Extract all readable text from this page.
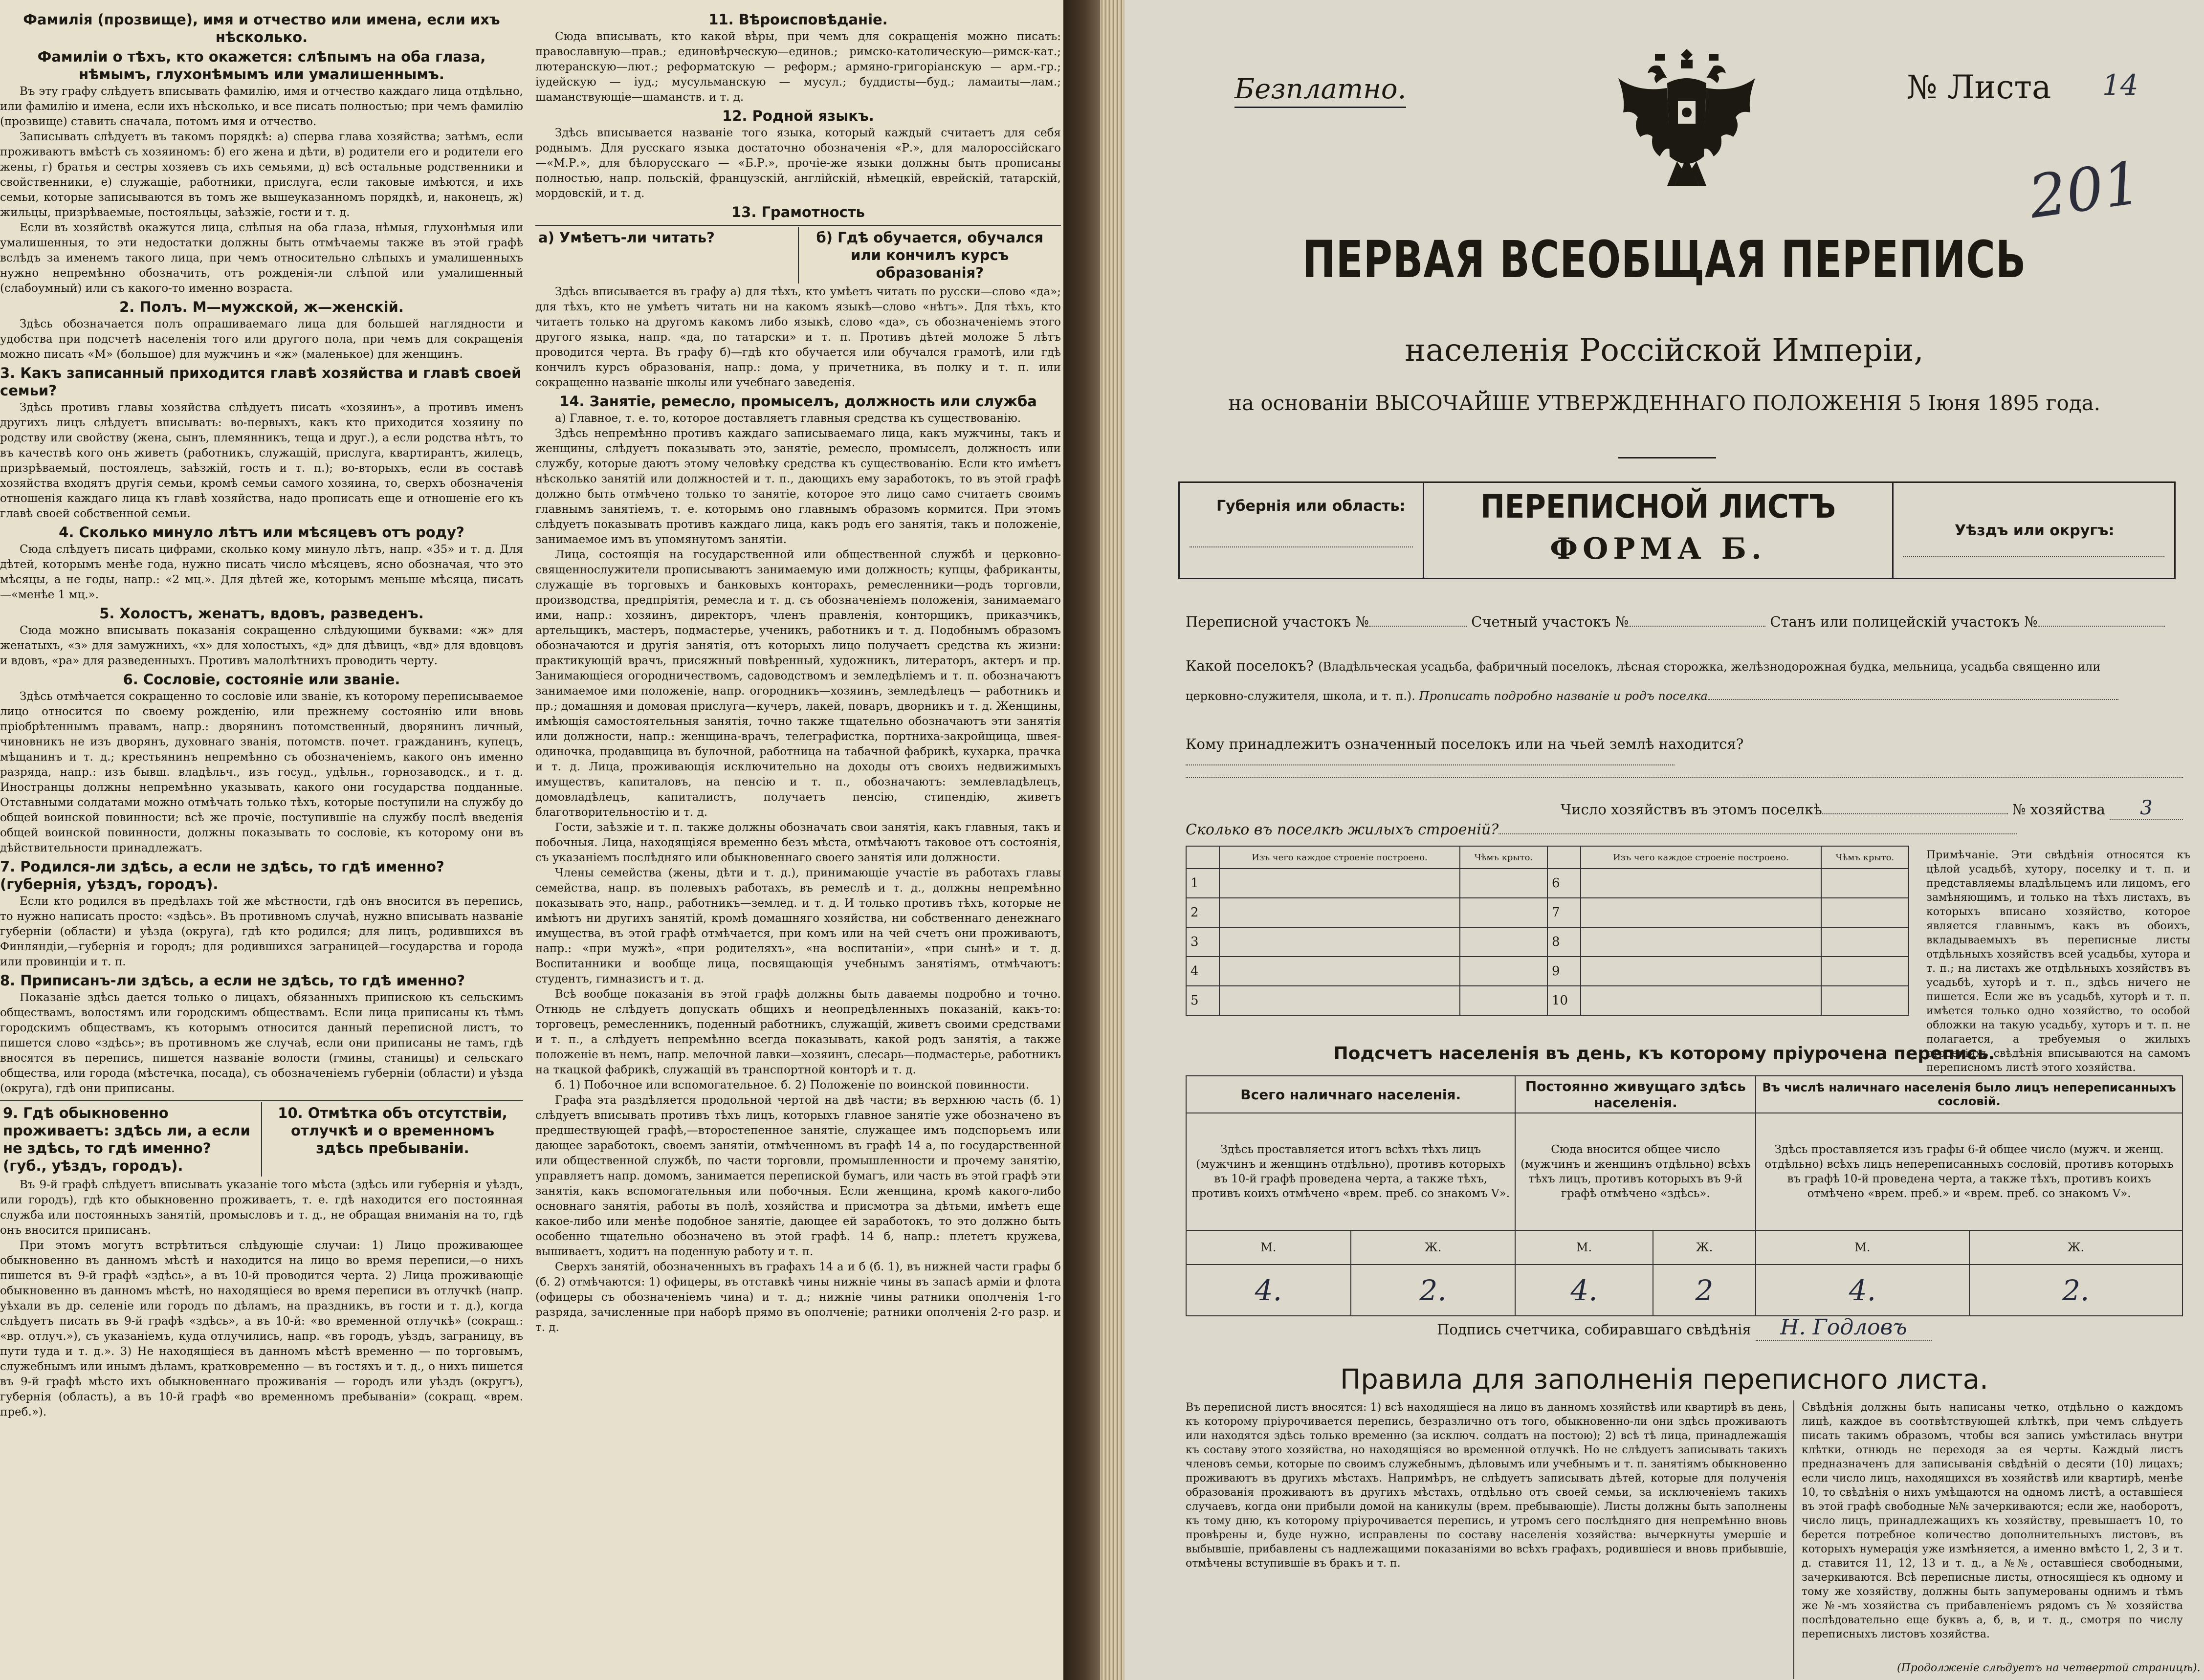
Фамилія (прозвище), имя и отчество или имена, если ихъ нѣсколько.

Фамиліи о тѣхъ, кто окажется: слѣпымъ на оба глаза, нѣмымъ, глухонѣмымъ или умалишеннымъ.

Въ эту графу слѣдуетъ вписывать фамилію, имя и отчество каждаго лица отдѣльно, или фамилію и имена, если ихъ нѣсколько, и все писать полностью; при чемъ фамилію (прозвище) ставить сначала, потомъ имя и отчество.

Записывать слѣдуетъ въ такомъ порядкѣ: а) сперва глава хозяйства; затѣмъ, если проживаютъ вмѣстѣ съ хозяиномъ: б) его жена и дѣти, в) родители его и родители его жены, г) братья и сестры хозяевъ съ ихъ семьями, д) всѣ остальные родственники и свойственники, е) служащіе, работники, прислуга, если таковые имѣются, и ихъ семьи, которые записываются въ томъ же вышеуказанномъ порядкѣ, и, наконецъ, ж) жильцы, призрѣваемые, постояльцы, заѣзжіе, гости и т. д.

Если въ хозяйствѣ окажутся лица, слѣпыя на оба глаза, нѣмыя, глухонѣмыя или умалишенныя, то эти недостатки должны быть отмѣчаемы также въ этой графѣ вслѣдъ за именемъ такого лица, при чемъ относительно слѣпыхъ и умалишенныхъ нужно непремѣнно обозначить, отъ рожденія-ли слѣпой или умалишенный (слабоумный) или съ какого-то именно возраста.

2. Полъ. М—мужской, ж—женскій.

Здѣсь обозначается полъ опрашиваемаго лица для большей наглядности и удобства при подсчетѣ населенія того или другого пола, при чемъ для сокращенія можно писать «М» (большое) для мужчинъ и «ж» (маленькое) для женщинъ.

3. Какъ записанный приходится главѣ хозяйства и главѣ своей семьи?

Здѣсь противъ главы хозяйства слѣдуетъ писать «хозяинъ», а противъ именъ другихъ лицъ слѣдуетъ вписывать: во-первыхъ, какъ кто приходится хозяину по родству или свойству (жена, сынъ, племянникъ, теща и друг.), а если родства нѣтъ, то въ качествѣ кого онъ живетъ (работникъ, служащій, прислуга, квартирантъ, жилецъ, призрѣваемый, постоялецъ, заѣзжій, гость и т. п.); во-вторыхъ, если въ составѣ хозяйства входятъ другія семьи, кромѣ семьи самого хозяина, то, сверхъ обозначенія отношенія каждаго лица къ главѣ хозяйства, надо прописать еще и отношеніе его къ главѣ своей собственной семьи.

4. Сколько минуло лѣтъ или мѣсяцевъ отъ роду?

Сюда слѣдуетъ писать цифрами, сколько кому минуло лѣтъ, напр. «35» и т. д. Для дѣтей, которымъ менѣе года, нужно писать число мѣсяцевъ, ясно обозначая, что это мѣсяцы, а не годы, напр.: «2 мц.». Для дѣтей же, которымъ меньше мѣсяца, писать—«менѣе 1 мц.».

5. Холостъ, женатъ, вдовъ, разведенъ.

Сюда можно вписывать показанія сокращенно слѣдующими буквами: «ж» для женатыхъ, «з» для замужнихъ, «х» для холостыхъ, «д» для дѣвицъ, «вд» для вдовцовъ и вдовъ, «ра» для разведенныхъ. Противъ малолѣтнихъ проводить черту.

6. Сословіе, состояніе или званіе.

Здѣсь отмѣчается сокращенно то сословіе или званіе, къ которому переписываемое лицо относится по своему рожденію, или прежнему состоянію или вновь пріобрѣтеннымъ правамъ, напр.: дворянинъ потомственный, дворянинъ личный, чиновникъ не изъ дворянъ, духовнаго званія, потомств. почет. гражданинъ, купецъ, мѣщанинъ и т. д.; крестьянинъ непремѣнно съ обозначеніемъ, какого онъ именно разряда, напр.: изъ бывш. владѣльч., изъ госуд., удѣльн., горнозаводск., и т. д. Иностранцы должны непремѣнно указывать, какого они государства подданные. Отставными солдатами можно отмѣчать только тѣхъ, которые поступили на службу до общей воинской повинности; всѣ же прочіе, поступившіе на службу послѣ введенія общей воинской повинности, должны показывать то сословіе, къ которому они въ дѣйствительности принадлежатъ.

7. Родился-ли здѣсь, а если не здѣсь, то гдѣ именно? (губернія, уѣздъ, городъ).

Если кто родился въ предѣлахъ той же мѣстности, гдѣ онъ вносится въ перепись, то нужно написать просто: «здѣсь». Въ противномъ случаѣ, нужно вписывать названіе губерніи (области) и уѣзда (округа), гдѣ кто родился; для лицъ, родившихся въ Финляндіи,—губернія и городъ; для родившихся заграницей—государства и города или провинціи и т. п.

8. Приписанъ-ли здѣсь, а если не здѣсь, то гдѣ именно?

Показаніе здѣсь дается только о лицахъ, обязанныхъ припискою къ сельскимъ обществамъ, волостямъ или городскимъ обществамъ. Если лица приписаны къ тѣмъ городскимъ обществамъ, къ которымъ относится данный переписной листъ, то пишется слово «здѣсь»; въ противномъ же случаѣ, если они приписаны не тамъ, гдѣ вносятся въ перепись, пишется названіе волости (гмины, станицы) и сельскаго общества, или города (мѣстечка, посада), съ обозначеніемъ губерніи (области) и уѣзда (округа), гдѣ они приписаны.

9. Гдѣ обыкновенно проживаетъ: здѣсь ли, а если не здѣсь, то гдѣ именно? (губ., уѣздъ, городъ).
10. Отмѣтка объ отсутствіи, отлучкѣ и о временномъ здѣсь пребываніи.

Въ 9-й графѣ слѣдуетъ вписывать указаніе того мѣста (здѣсь или губернія и уѣздъ, или городъ), гдѣ кто обыкновенно проживаетъ, т. е. гдѣ находится его постоянная служба или постоянныхъ занятій, промысловъ и т. д., не обращая вниманія на то, гдѣ онъ вносится приписанъ.

При этомъ могутъ встрѣтиться слѣдующіе случаи: 1) Лицо проживающее обыкновенно въ данномъ мѣстѣ и находится на лицо во время переписи,—о нихъ пишется въ 9-й графѣ «здѣсь», а въ 10-й проводится черта. 2) Лица проживающіе обыкновенно въ данномъ мѣстѣ, но находящіеся во время переписи въ отлучкѣ (напр. уѣхали въ др. селеніе или городъ по дѣламъ, на праздникъ, въ гости и т. д.), когда слѣдуетъ писать въ 9-й графѣ «здѣсь», а въ 10-й: «во временной отлучкѣ» (сокращ.: «вр. отлуч.»), съ указаніемъ, куда отлучились, напр. «въ городъ, уѣздъ, заграницу, въ пути туда и т. д.». 3) Не находящіеся въ данномъ мѣстѣ временно — по торговымъ, служебнымъ или инымъ дѣламъ, кратковременно — въ гостяхъ и т. д., о нихъ пишется въ 9-й графѣ мѣсто ихъ обыкновеннаго проживанія — городъ или уѣздъ (округъ), губернія (область), а въ 10-й графѣ «во временномъ пребываніи» (сокращ. «врем. преб.»).

11. Вѣроисповѣданіе.

Сюда вписывать, кто какой вѣры, при чемъ для сокращенія можно писать: православную—прав.; единовѣрческую—единов.; римско-католическую—римск-кат.; лютеранскую—лют.; реформатскую — реформ.; армяно-григоріанскую — арм.-гр.; іудейскую — іуд.; мусульманскую — мусул.; буддисты—буд.; ламаиты—лам.; шаманствующіе—шаманств. и т. д.

12. Родной языкъ.

Здѣсь вписывается названіе того языка, который каждый считаетъ для себя роднымъ. Для русскаго языка достаточно обозначенія «Р.», для малороссійскаго—«М.Р.», для бѣлорусскаго — «Б.Р.», прочіе-же языки должны быть прописаны полностью, напр. польскій, французскій, англійскій, нѣмецкій, еврейскій, татарскій, мордовскій, и т. д.

13. Грамотность

а) Умѣетъ-ли читать?	б) Гдѣ обучается, обучался или кончилъ курсъ образованія?

Здѣсь вписывается въ графу а) для тѣхъ, кто умѣетъ читать по русски—слово «да»; для тѣхъ, кто не умѣетъ читать ни на какомъ языкѣ—слово «нѣтъ». Для тѣхъ, кто читаетъ только на другомъ какомъ либо языкѣ, слово «да», съ обозначеніемъ этого другого языка, напр. «да, по татарски» и т. п. Противъ дѣтей моложе 5 лѣтъ проводится черта. Въ графу б)—гдѣ кто обучается или обучался грамотѣ, или гдѣ кончилъ курсъ образованія, напр.: дома, у причетника, въ полку и т. п. или сокращенно названіе школы или учебнаго заведенія.

14. Занятіе, ремесло, промыселъ, должность или служба

а) Главное, т. е. то, которое доставляетъ главныя средства къ существованію.

Здѣсь непремѣнно противъ каждаго записываемаго лица, какъ мужчины, такъ и женщины, слѣдуетъ показывать это, занятіе, ремесло, промыселъ, должность или службу, которые даютъ этому человѣку средства къ существованію. Если кто имѣетъ нѣсколько занятій или должностей и т. п., дающихъ ему заработокъ, то въ этой графѣ должно быть отмѣчено только то занятіе, которое это лицо само считаетъ своимъ главнымъ занятіемъ, т. е. которымъ оно главнымъ образомъ кормится. При этомъ слѣдуетъ показывать противъ каждаго лица, какъ родъ его занятія, такъ и положеніе, занимаемое имъ въ упомянутомъ занятіи.

Лица, состоящія на государственной или общественной службѣ и церковно-священнослужители прописываютъ занимаемую ими должность; купцы, фабриканты, служащіе въ торговыхъ и банковыхъ конторахъ, ремесленники—родъ торговли, производства, предпріятія, ремесла и т. д. съ обозначеніемъ положенія, занимаемаго ими, напр.: хозяинъ, директоръ, членъ правленія, конторщикъ, приказчикъ, артельщикъ, мастеръ, подмастерье, ученикъ, работникъ и т. д. Подобнымъ образомъ обозначаются и другія занятія, отъ которыхъ лицо получаетъ средства къ жизни: практикующій врачъ, присяжный повѣренный, художникъ, литераторъ, актеръ и пр. Занимающіеся огородничествомъ, садоводствомъ и земледѣліемъ и т. п. обозначаютъ занимаемое ими положеніе, напр. огородникъ—хозяинъ, земледѣлецъ — работникъ и пр.; домашняя и домовая прислуга—кучеръ, лакей, поваръ, дворникъ и т. д. Женщины, имѣющія самостоятельныя занятія, точно также тщательно обозначаютъ эти занятія или должности, напр.: женщина-врачъ, телеграфистка, портниха-закройщица, швея-одиночка, продавщица въ булочной, работница на табачной фабрикѣ, кухарка, прачка и т. д. Лица, проживающія исключительно на доходы отъ своихъ недвижимыхъ имуществъ, капиталовъ, на пенсію и т. п., обозначаютъ: землевладѣлецъ, домовладѣлецъ, капиталистъ, получаетъ пенсію, стипендію, живетъ благотворительностію и т. д.

Гости, заѣзжіе и т. п. также должны обозначать свои занятія, какъ главныя, такъ и побочныя. Лица, находящіяся временно безъ мѣста, отмѣчаютъ таковое отъ состоянія, съ указаніемъ послѣдняго или обыкновеннаго своего занятія или должности.

Члены семейства (жены, дѣти и т. д.), принимающіе участіе въ работахъ главы семейства, напр. въ полевыхъ работахъ, въ ремеслѣ и т. д., должны непремѣнно показывать это, напр., работникъ—землед. и т. д. И только противъ тѣхъ, которые не имѣютъ ни другихъ занятій, кромѣ домашняго хозяйства, ни собственнаго денежнаго имущества, въ этой графѣ отмѣчается, при комъ или на чей счетъ они проживаютъ, напр.: «при мужѣ», «при родителяхъ», «на воспитаніи», «при сынѣ» и т. д. Воспитанники и вообще лица, посвящающія учебнымъ занятіямъ, отмѣчаютъ: студентъ, гимназистъ и т. д.

Всѣ вообще показанія въ этой графѣ должны быть даваемы подробно и точно. Отнюдь не слѣдуетъ допускать общихъ и неопредѣленныхъ показаній, какъ-то: торговецъ, ремесленникъ, поденный работникъ, служащій, живетъ своими средствами и т. п., а слѣдуетъ непремѣнно всегда показывать, какой родъ занятія, а также положеніе въ немъ, напр. мелочной лавки—хозяинъ, слесарь—подмастерье, работникъ на ткацкой фабрикѣ, служащій въ транспортной конторѣ и т. д.

б. 1) Побочное или вспомогательное. б. 2) Положеніе по воинской повинности.

Графа эта раздѣляется продольной чертой на двѣ части; въ верхнюю часть (б. 1) слѣдуетъ вписывать противъ тѣхъ лицъ, которыхъ главное занятіе уже обозначено въ предшествующей графѣ,—второстепенное занятіе, служащее имъ подспорьемъ или дающее заработокъ, своемъ занятіи, отмѣченномъ въ графѣ 14 а, по государственной или общественной службѣ, по части торговли, промышленности и прочему занятію, управляетъ напр. домомъ, занимается перепиской бумагъ, или часть въ этой графѣ эти занятія, какъ вспомогательныя или побочныя. Если женщина, кромѣ какого-либо основнаго занятія, работы въ полѣ, хозяйства и присмотра за дѣтьми, имѣетъ еще какое-либо или менѣе подобное занятіе, дающее ей заработокъ, то это должно быть особенно тщательно обозначено въ этой графѣ. 14 б, напр.: плететъ кружева, вышиваетъ, ходитъ на поденную работу и т. п.

Сверхъ занятій, обозначенныхъ въ графахъ 14 а и б (б. 1), въ нижней части графы б (б. 2) отмѣчаются: 1) офицеры, въ отставкѣ чины нижніе чины въ запасѣ арміи и флота (офицеры съ обозначеніемъ чина) и т. д.; нижніе чины ратники ополченія 1-го разряда, зачисленные при наборѣ прямо въ ополченіе; ратники ополченія 2-го разр. и т. д.

Безплатно.	№ Листа 14
201
ПЕРВАЯ ВСЕОБЩАЯ ПЕРЕПИСЬ
населенія Россійской Имперіи,
на основаніи ВЫСОЧАЙШЕ УТВЕРЖДЕННАГО ПОЛОЖЕНІЯ 5 Іюня 1895 года.
Губернія или область:	ПЕРЕПИСНОЙ ЛИСТЪ
ФОРМА Б.
Уѣздъ или округъ:
Переписной участокъ №	Счетный участокъ №	Станъ или полицейскій участокъ №
Какой поселокъ? (Владѣльческая усадьба, фабричный поселокъ, лѣсная сторожка, желѣзнодорожная будка, мельница, усадьба священно или
церковно-служителя, школа, и т. п.). Прописать подробно названіе и родъ поселка
Кому принадлежитъ означенный поселокъ или на чьей землѣ находится?
Число хозяйствъ въ этомъ поселкѣ	№ хозяйства 3
Сколько въ поселкѣ жилыхъ строеній?
	Изъ чего каждое строеніе построено.	Чѣмъ крыто.		Изъ чего каждое строеніе построено.	Чѣмъ крыто.
1			6		
2			7		
3			8		
4			9		
5			10		
Примѣчаніе. Эти свѣдѣнія относятся къ цѣлой усадьбѣ, хутору, поселку и т. п. и представляемы владѣльцемъ или лицомъ, его замѣняющимъ, и только на тѣхъ листахъ, въ которыхъ вписано хозяйство, которое является главнымъ, какъ въ обоихъ, вкладываемыхъ въ переписные листы отдѣльныхъ хозяйствъ всей усадьбы, хутора и т. п.; на листахъ же отдѣльныхъ хозяйствъ въ усадьбѣ, хуторѣ и т. п., здѣсь ничего не пишется. Если же въ усадьбѣ, хуторѣ и т. п. имѣется только одно хозяйство, то особой обложки на такую усадьбу, хуторъ и т. п. не полагается, а требуемыя о жилыхъ строеніяхъ свѣдѣнія вписываются на самомъ переписномъ листѣ этого хозяйства.
Подсчетъ населенія въ день, къ которому пріурочена перепись.
Всего наличнаго населенія.		Постоянно живущаго здѣсь населенія.		Въ числѣ наличнаго населенія было лицъ непереписанныхъ сословій.	
Здѣсь проставляется итогъ всѣхъ тѣхъ лицъ (мужчинъ и женщинъ отдѣльно), противъ которыхъ въ 10-й графѣ проведена черта, а также тѣхъ, противъ коихъ отмѣчено «врем. преб. со знакомъ V».		Сюда вносится общее число (мужчинъ и женщинъ отдѣльно) всѣхъ тѣхъ лицъ, противъ которыхъ въ 9-й графѣ отмѣчено «здѣсь».		Здѣсь проставляется изъ графы 6-й общее число (мужч. и женщ. отдѣльно) всѣхъ лицъ непереписанныхъ сословій, противъ которыхъ въ графѣ 10-й проведена черта, а также тѣхъ, противъ коихъ отмѣчено «врем. преб.» и «врем. преб. со знакомъ V».	
М.	Ж.	М.	Ж.	М.	Ж.
4.	2.	4.	2	4.	2.
Подпись счетчика, собиравшаго свѣдѣнія Н. Годловъ
Правила для заполненія переписного листа.
Въ переписной листъ вносятся: 1) всѣ находящіеся на лицо въ данномъ хозяйствѣ или квартирѣ въ день, къ которому пріурочивается перепись, безразлично отъ того, обыкновенно-ли они здѣсь проживаютъ или находятся здѣсь только временно (за исключ. солдатъ на постою); 2) всѣ тѣ лица, принадлежащія къ составу этого хозяйства, но находящіяся во временной отлучкѣ. Но не слѣдуетъ записывать такихъ членовъ семьи, которые по своимъ служебнымъ, дѣловымъ или учебнымъ и т. п. занятіямъ обыкновенно проживаютъ въ другихъ мѣстахъ. Напримѣръ, не слѣдуетъ записывать дѣтей, которые для полученія образованія проживаютъ въ другихъ мѣстахъ, отдѣльно отъ своей семьи, за исключеніемъ такихъ случаевъ, когда они прибыли домой на каникулы (врем. пребывающіе). Листы должны быть заполнены къ тому дню, къ которому пріурочивается перепись, и утромъ сего послѣдняго дня непремѣнно вновь провѣрены и, буде нужно, исправлены по составу населенія хозяйства: вычеркнуты умершіе и выбывшіе, прибавлены съ надлежащими показаніями во всѣхъ графахъ, родившіеся и вновь прибывшіе, отмѣчены вступившіе въ бракъ и т. п.
Свѣдѣнія должны быть написаны четко, отдѣльно о каждомъ лицѣ, каждое въ соотвѣтствующей клѣткѣ, при чемъ слѣдуетъ писать такимъ образомъ, чтобы вся запись умѣстилась внутри клѣтки, отнюдь не переходя за ея черты. Каждый листъ предназначенъ для записыванія свѣдѣній о десяти (10) лицахъ; если число лицъ, находящихся въ хозяйствѣ или квартирѣ, менѣе 10, то свѣдѣнія о нихъ умѣщаются на одномъ листѣ, а оставшіеся въ этой графѣ свободные №№ зачеркиваются; если же, наоборотъ, число лицъ, принадлежащихъ къ хозяйству, превышаетъ 10, то берется потребное количество дополнительныхъ листовъ, въ которыхъ нумерація уже измѣняется, а именно вмѣсто 1, 2, 3 и т. д. ставится 11, 12, 13 и т. д., а №№, оставшіеся свободными, зачеркиваются. Всѣ переписные листы, относящіеся къ одному и тому же хозяйству, должны быть запумерованы однимъ и тѣмъ же №-мъ хозяйства съ прибавленіемъ рядомъ съ № хозяйства послѣдовательно еще буквъ а, б, в, и т. д., смотря по числу переписныхъ листовъ хозяйства.
(Продолженіе слѣдуетъ на четвертой страницѣ).
